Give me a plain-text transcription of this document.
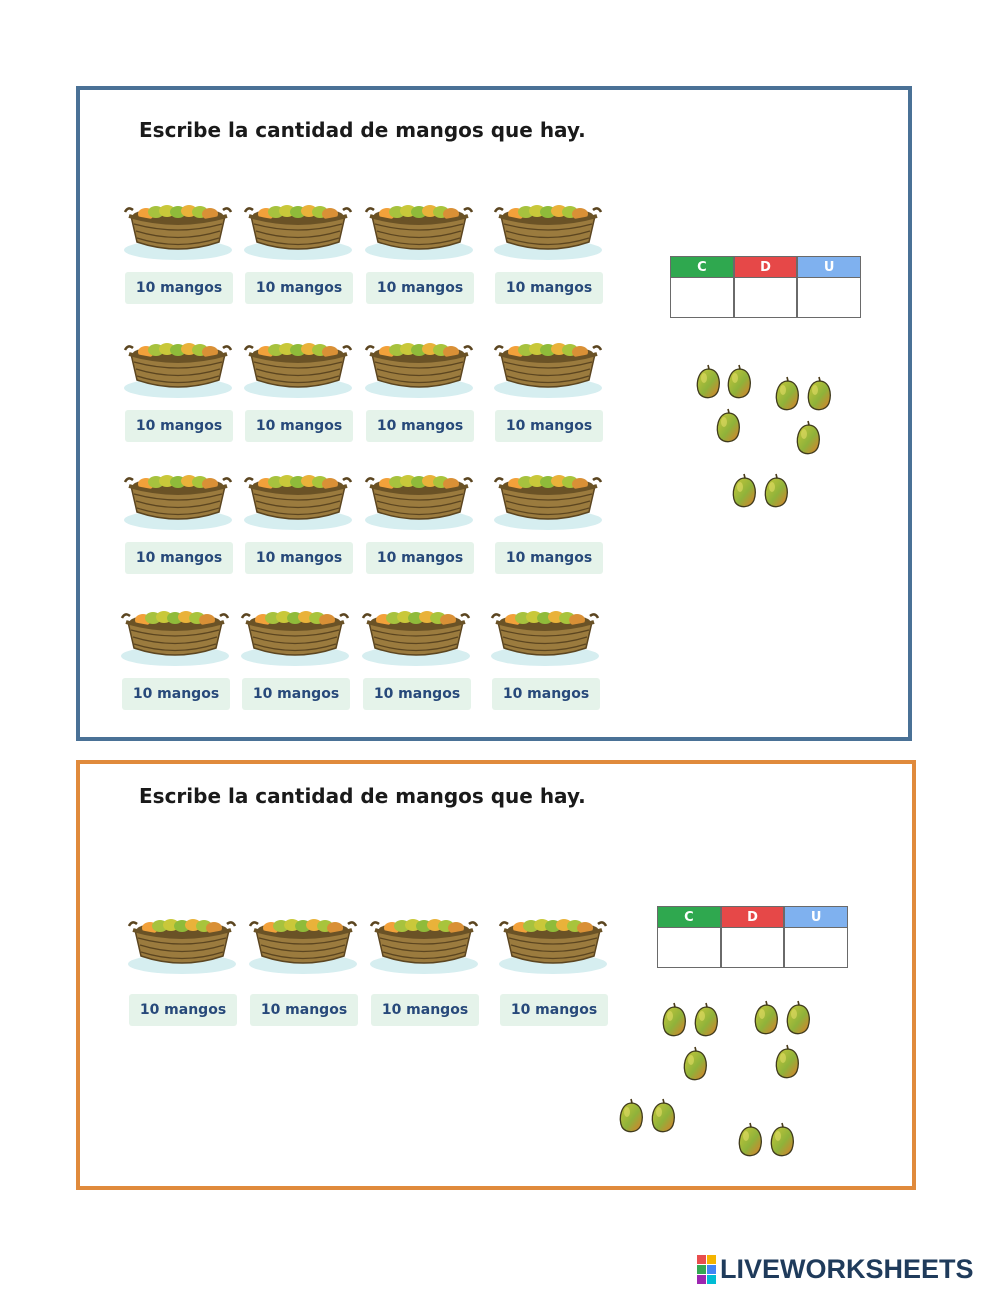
Escribe la cantidad de mangos que hay.
10 mangos	10 mangos	10 mangos	10 mangos
10 mangos	10 mangos	10 mangos	10 mangos
10 mangos	10 mangos	10 mangos	10 mangos
10 mangos	10 mangos	10 mangos	10 mangos
C	D	U
Escribe la cantidad de mangos que hay.
10 mangos	10 mangos	10 mangos	10 mangos
C	D	U
LIVEWORKSHEETS
